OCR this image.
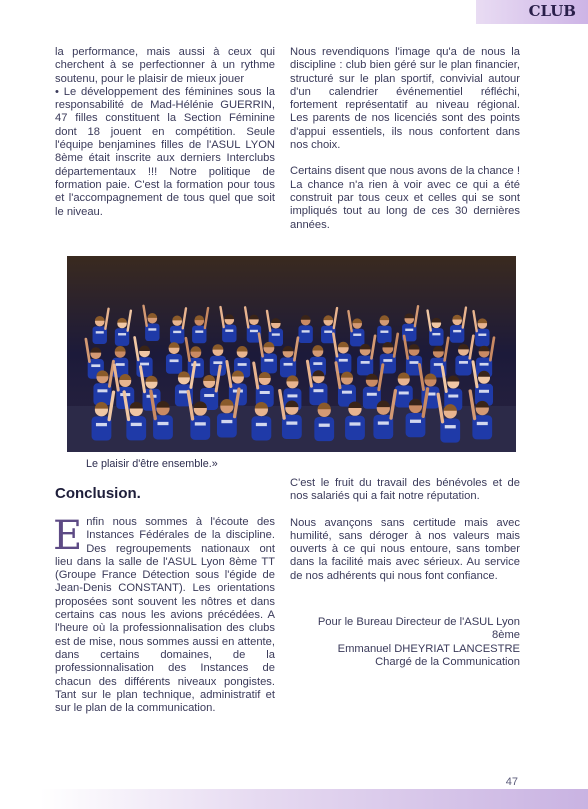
CLUB

la performance, mais aussi à ceux qui cherchent à se perfectionner à un rythme soutenu, pour le plaisir de mieux jouer

• Le développement des féminines sous la responsabilité de Mad-Hélénie GUERRIN, 47 filles constituent la Section Féminine dont 18 jouent en compétition. Seule l'équipe benjamines filles de l'ASUL LYON 8ème était inscrite aux derniers Interclubs départementaux !!! Notre politique de formation paie. C'est la formation pour tous et l'accompagnement de tous quel que soit le niveau.

Nous revendiquons l'image qu'a de nous la discipline : club bien géré sur le plan financier, structuré sur le plan sportif, convivial autour d'un calendrier événementiel réfléchi, fortement représentatif au niveau régional. Les parents de nos licenciés sont des points d'appui essentiels, ils nous confortent dans nos choix.

Certains disent que nous avons de la chance ! La chance n'a rien à voir avec ce qui a été construit par tous ceux et celles qui se sont impliqués tout au long de ces 30 dernières années.

Le plaisir d'être ensemble.»
Conclusion.
E nfin nous sommes à l'écoute des Instances Fédérales de la discipline. Des regroupements nationaux ont lieu dans la salle de l'ASUL Lyon 8ème TT (Groupe France Détection sous l'égide de Jean-Denis CONSTANT). Les orientations proposées sont souvent les nôtres et dans certains cas nous les avions précédées. A l'heure où la professionnalisation des clubs est de mise, nous sommes aussi en attente, dans certains domaines, de la professionnalisation des Instances de chacun des différents niveaux pongistes. Tant sur le plan technique, administratif et sur le plan de la communication.

C'est le fruit du travail des bénévoles et de nos salariés qui a fait notre réputation.

Nous avançons sans certitude mais avec humilité, sans déroger à nos valeurs mais ouverts à ce qui nous entoure, sans tomber dans la facilité mais avec sérieux. Au service de nos adhérents qui nous font confiance.

Pour le Bureau Directeur de l'ASUL Lyon
8ème
Emmanuel DHEYRIAT LANCESTRE
Chargé de la Communication
47
